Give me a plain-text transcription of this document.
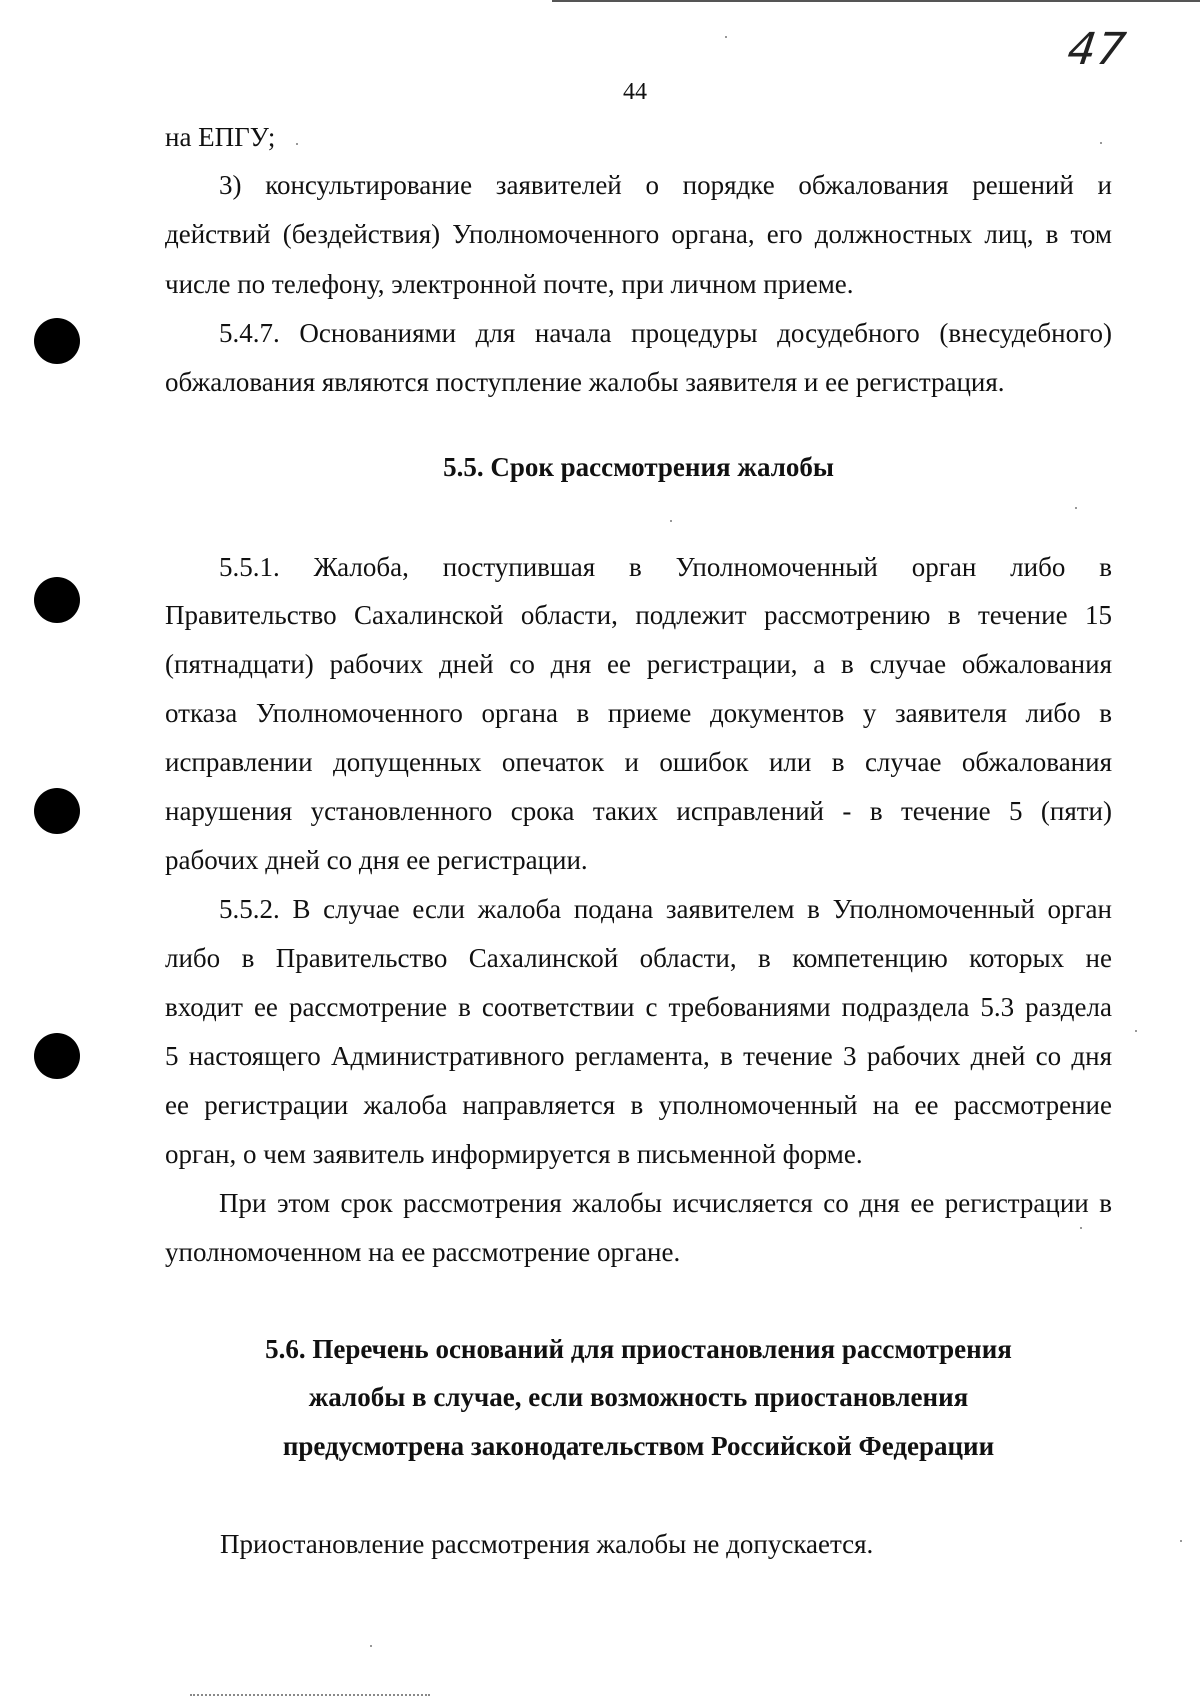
47
44
на ЕПГУ;
3) консультирование заявителей о порядке обжалования решений и
действий (бездействия) Уполномоченного органа, его должностных лиц, в том
числе по телефону, электронной почте, при личном приеме.
5.4.7. Основаниями для начала процедуры досудебного (внесудебного)
обжалования являются поступление жалобы заявителя и ее регистрация.
5.5. Срок рассмотрения жалобы
5.5.1. Жалоба, поступившая в Уполномоченный орган либо в
Правительство Сахалинской области, подлежит рассмотрению в течение 15
(пятнадцати) рабочих дней со дня ее регистрации, а в случае обжалования
отказа Уполномоченного органа в приеме документов у заявителя либо в
исправлении допущенных опечаток и ошибок или в случае обжалования
нарушения установленного срока таких исправлений - в течение 5 (пяти)
рабочих дней со дня ее регистрации.
5.5.2. В случае если жалоба подана заявителем в Уполномоченный орган
либо в Правительство Сахалинской области, в компетенцию которых не
входит ее рассмотрение в соответствии с требованиями подраздела 5.3 раздела
5 настоящего Административного регламента, в течение 3 рабочих дней со дня
ее регистрации жалоба направляется в уполномоченный на ее рассмотрение
орган, о чем заявитель информируется в письменной форме.
При этом срок рассмотрения жалобы исчисляется со дня ее регистрации в
уполномоченном на ее рассмотрение органе.
5.6. Перечень оснований для приостановления рассмотрения
жалобы в случае, если возможность приостановления
предусмотрена законодательством Российской Федерации
Приостановление рассмотрения жалобы не допускается.
